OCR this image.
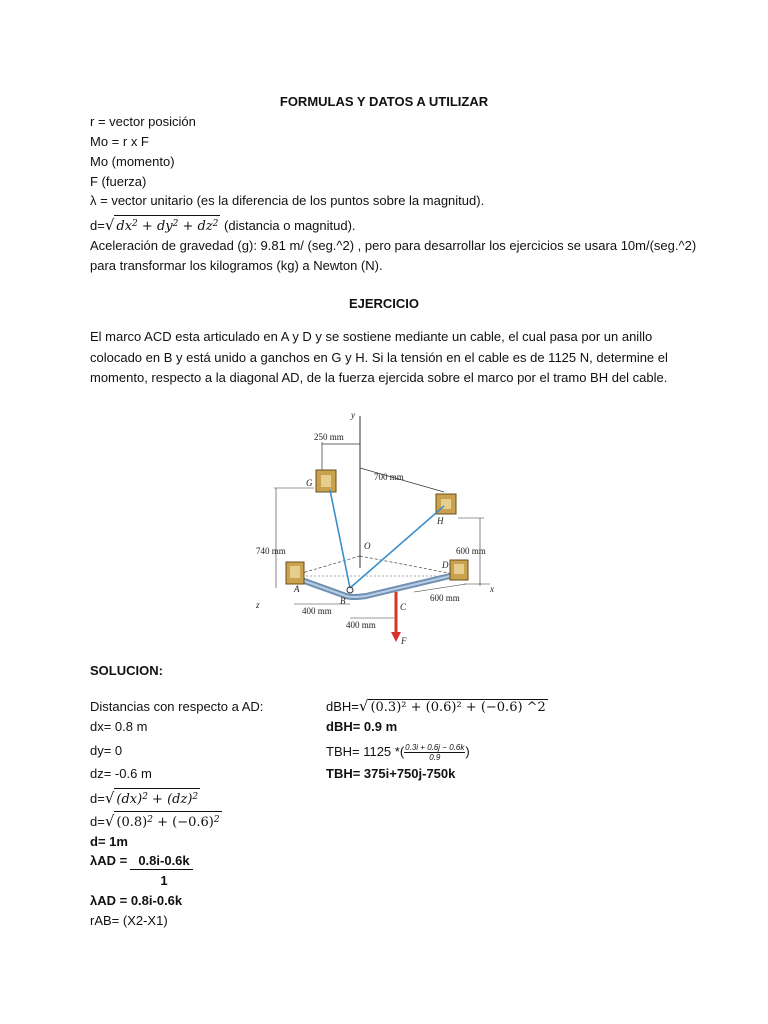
FORMULAS Y DATOS A UTILIZAR
r = vector posición
Mo = r x F
Mo (momento)
F (fuerza)
λ = vector unitario (es la diferencia de los puntos sobre la magnitud).
d=√ $dx^2 + dy^2 + dz^2$ (distancia o magnitud).
Aceleración de gravedad (g): 9.81 m/ (seg.^2) , pero para desarrollar los ejercicios se usara 10m/(seg.^2)
para transformar los kilogramos (kg) a Newton (N).
EJERCICIO
El marco ACD esta articulado en A y D y se sostiene mediante un cable, el cual pasa por un anillo
colocado en B y está unido a ganchos en G y H. Si la tensión en el cable es de 1125 N, determine el
momento, respecto a la diagonal AD, de la fuerza ejercida sobre el marco por el tramo BH del cable.
y
250 mm
700 mm
G
H
600 mm
O
740 mm
A
D
x
z	B
C
F
400 mm
400 mm
600 mm
SOLUCION:
Distancias con respecto a AD:
dx= 0.8 m
dy= 0
dz= -0.6 m
d=√ (dx)$^2$ + (dz)$^2$
d=√ $(0.8)^2 + (-0.6)^2$
d= 1m
λAD = 0.8i-0.6k
1
λAD = 0.8i-0.6k
rAB= (X2-X1)
dBH=√ (0.3)² + (0.6)² + (−0.6) ^2
dBH= 0.9 m
TBH= 1125 *( $\frac{0.3i + 0.6j - 0.6k}{0.9}$ )
TBH= 375i+750j-750k
